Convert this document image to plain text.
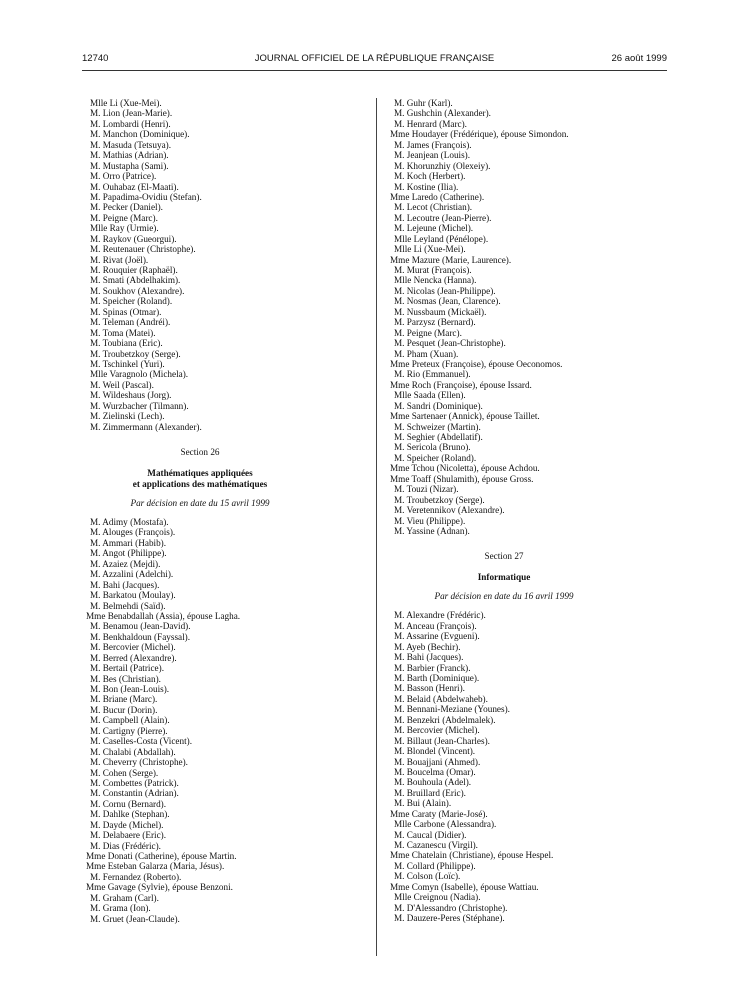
12740	JOURNAL OFFICIEL DE LA RÉPUBLIQUE FRANÇAISE	26 août 1999
Mlle Li (Xue-Mei).
M. Lion (Jean-Marie).
M. Lombardi (Henri).
M. Manchon (Dominique).
M. Masuda (Tetsuya).
M. Mathias (Adrian).
M. Mustapha (Sami).
M. Orro (Patrice).
M. Ouhabaz (El-Maati).
M. Papadima-Ovidiu (Stefan).
M. Pecker (Daniel).
M. Peigne (Marc).
Mlle Ray (Urmie).
M. Raykov (Gueorgui).
M. Reutenauer (Christophe).
M. Rivat (Joël).
M. Rouquier (Raphaël).
M. Smati (Abdelhakim).
M. Soukhov (Alexandre).
M. Speicher (Roland).
M. Spinas (Otmar).
M. Teleman (Andréi).
M. Toma (Matei).
M. Toubiana (Eric).
M. Troubetzkoy (Serge).
M. Tschinkel (Yuri).
Mlle Varagnolo (Michela).
M. Weil (Pascal).
M. Wildeshaus (Jorg).
M. Wurzbacher (Tilmann).
M. Zielinski (Lech).
M. Zimmermann (Alexander).
Section 26
Mathématiques appliquées
et applications des mathématiques
Par décision en date du 15 avril 1999
M. Adimy (Mostafa).
M. Alouges (François).
M. Ammari (Habib).
M. Angot (Philippe).
M. Azaiez (Mejdi).
M. Azzalini (Adelchi).
M. Bahi (Jacques).
M. Barkatou (Moulay).
M. Belmehdi (Saïd).
Mme Benabdallah (Assia), épouse Lagha.
M. Benamou (Jean-David).
M. Benkhaldoun (Fayssal).
M. Bercovier (Michel).
M. Berred (Alexandre).
M. Bertail (Patrice).
M. Bes (Christian).
M. Bon (Jean-Louis).
M. Briane (Marc).
M. Bucur (Dorin).
M. Campbell (Alain).
M. Cartigny (Pierre).
M. Caselles-Costa (Vicent).
M. Chalabi (Abdallah).
M. Cheverry (Christophe).
M. Cohen (Serge).
M. Combettes (Patrick).
M. Constantin (Adrian).
M. Cornu (Bernard).
M. Dahlke (Stephan).
M. Dayde (Michel).
M. Delabaere (Eric).
M. Dias (Frédéric).
Mme Donati (Catherine), épouse Martin.
Mme Esteban Galarza (Maria, Jésus).
M. Fernandez (Roberto).
Mme Gavage (Sylvie), épouse Benzoni.
M. Graham (Carl).
M. Grama (Ion).
M. Gruet (Jean-Claude).
M. Guhr (Karl).
M. Gushchin (Alexander).
M. Henrard (Marc).
Mme Houdayer (Frédérique), épouse Simondon.
M. James (François).
M. Jeanjean (Louis).
M. Khorunzhiy (Olexeiy).
M. Koch (Herbert).
M. Kostine (Ilia).
Mme Laredo (Catherine).
M. Lecot (Christian).
M. Lecoutre (Jean-Pierre).
M. Lejeune (Michel).
Mlle Leyland (Pénélope).
Mlle Li (Xue-Mei).
Mme Mazure (Marie, Laurence).
M. Murat (François).
Mlle Nencka (Hanna).
M. Nicolas (Jean-Philippe).
M. Nosmas (Jean, Clarence).
M. Nussbaum (Mickaël).
M. Parzysz (Bernard).
M. Peigne (Marc).
M. Pesquet (Jean-Christophe).
M. Pham (Xuan).
Mme Preteux (Françoise), épouse Oeconomos.
M. Rio (Emmanuel).
Mme Roch (Françoise), épouse Issard.
Mlle Saada (Ellen).
M. Sandri (Dominique).
Mme Sartenaer (Annick), épouse Taillet.
M. Schweizer (Martin).
M. Seghier (Abdellatif).
M. Sericola (Bruno).
M. Speicher (Roland).
Mme Tchou (Nicoletta), épouse Achdou.
Mme Toaff (Shulamith), épouse Gross.
M. Touzi (Nizar).
M. Troubetzkoy (Serge).
M. Veretennikov (Alexandre).
M. Vieu (Philippe).
M. Yassine (Adnan).
Section 27
Informatique
Par décision en date du 16 avril 1999
M. Alexandre (Frédéric).
M. Anceau (François).
M. Assarine (Evgueni).
M. Ayeb (Bechir).
M. Bahi (Jacques).
M. Barbier (Franck).
M. Barth (Dominique).
M. Basson (Henri).
M. Belaid (Abdelwaheb).
M. Bennani-Meziane (Younes).
M. Benzekri (Abdelmalek).
M. Bercovier (Michel).
M. Billaut (Jean-Charles).
M. Blondel (Vincent).
M. Bouajjani (Ahmed).
M. Boucelma (Omar).
M. Bouhoula (Adel).
M. Bruillard (Eric).
M. Bui (Alain).
Mme Caraty (Marie-José).
Mlle Carbone (Alessandra).
M. Caucal (Didier).
M. Cazanescu (Virgil).
Mme Chatelain (Christiane), épouse Hespel.
M. Collard (Philippe).
M. Colson (Loïc).
Mme Comyn (Isabelle), épouse Wattiau.
Mlle Creignou (Nadia).
M. D'Alessandro (Christophe).
M. Dauzere-Peres (Stéphane).
